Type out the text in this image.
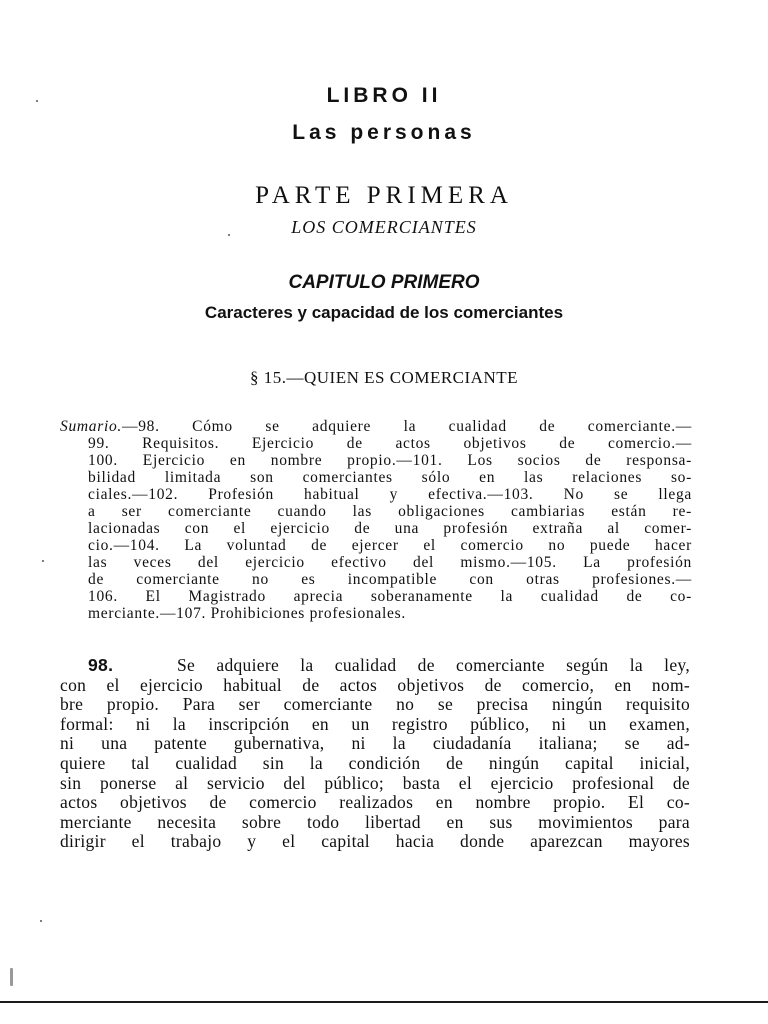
LIBRO II
Las personas
PARTE PRIMERA
LOS COMERCIANTES
CAPITULO PRIMERO
Caracteres y capacidad de los comerciantes
§ 15.—QUIEN ES COMERCIANTE
Sumario.—98. Cómo se adquiere la cualidad de comerciante.—
99. Requisitos. Ejercicio de actos objetivos de comercio.—
100. Ejercicio en nombre propio.—101. Los socios de responsa-
bilidad limitada son comerciantes sólo en las relaciones so-
ciales.—102. Profesión habitual y efectiva.—103. No se llega
a ser comerciante cuando las obligaciones cambiarias están re-
lacionadas con el ejercicio de una profesión extraña al comer-
cio.—104. La voluntad de ejercer el comercio no puede hacer
las veces del ejercicio efectivo del mismo.—105. La profesión
de comerciante no es incompatible con otras profesiones.—
106. El Magistrado aprecia soberanamente la cualidad de co-
merciante.—107. Prohibiciones profesionales.
98.	Se adquiere la cualidad de comerciante según la ley,
con el ejercicio habitual de actos objetivos de comercio, en nom-
bre propio. Para ser comerciante no se precisa ningún requisito
formal: ni la inscripción en un registro público, ni un examen,
ni una patente gubernativa, ni la ciudadanía italiana; se ad-
quiere tal cualidad sin la condición de ningún capital inicial,
sin ponerse al servicio del público; basta el ejercicio profesional de
actos objetivos de comercio realizados en nombre propio. El co-
merciante necesita sobre todo libertad en sus movimientos para
dirigir el trabajo y el capital hacia donde aparezcan mayores
